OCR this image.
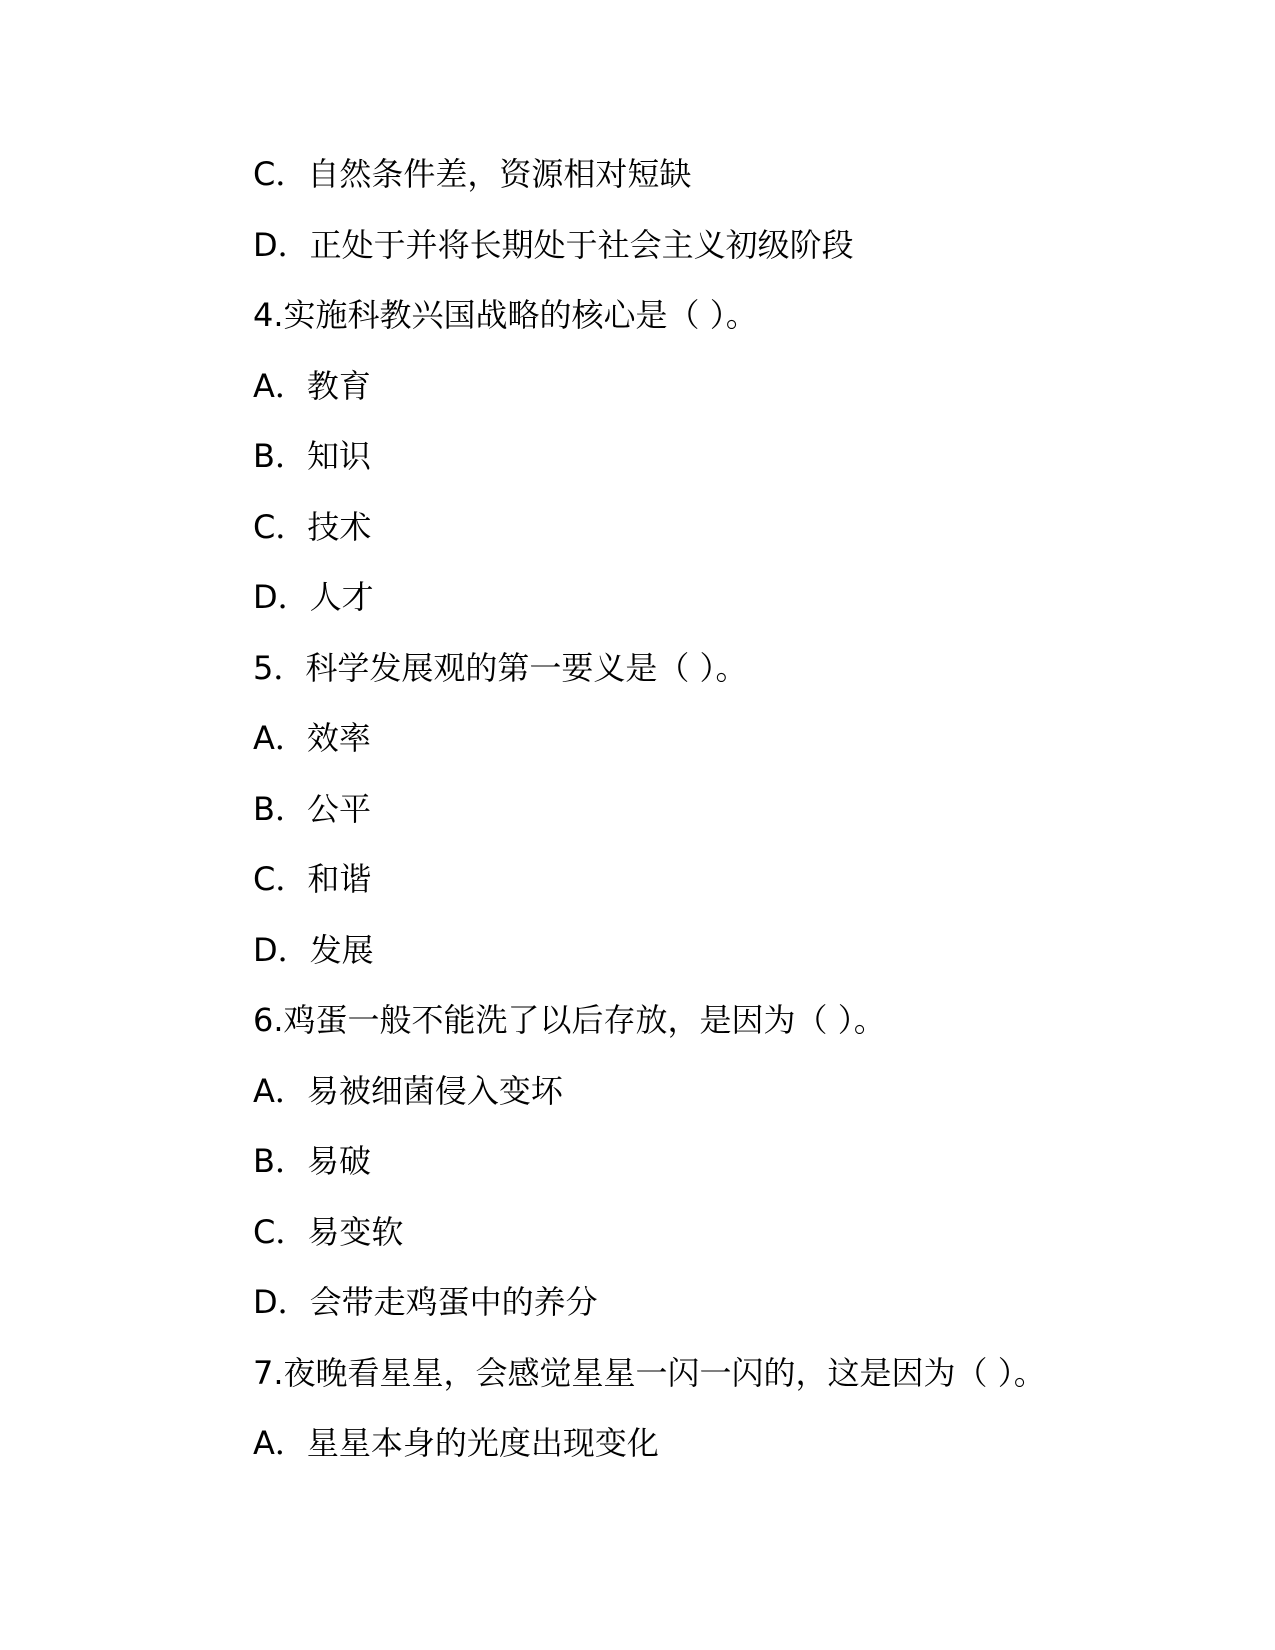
C．自然条件差，资源相对短缺
D．正处于并将长期处于社会主义初级阶段
4.实施科教兴国战略的核心是（ ）。
A．教育
B．知识
C．技术
D．人才
5．科学发展观的第一要义是（ ）。
A．效率
B．公平
C．和谐
D．发展
6.鸡蛋一般不能洗了以后存放，是因为（ ）。
A．易被细菌侵入变坏
B．易破
C．易变软
D．会带走鸡蛋中的养分
7.夜晚看星星，会感觉星星一闪一闪的，这是因为（ ）。
A．星星本身的光度出现变化
